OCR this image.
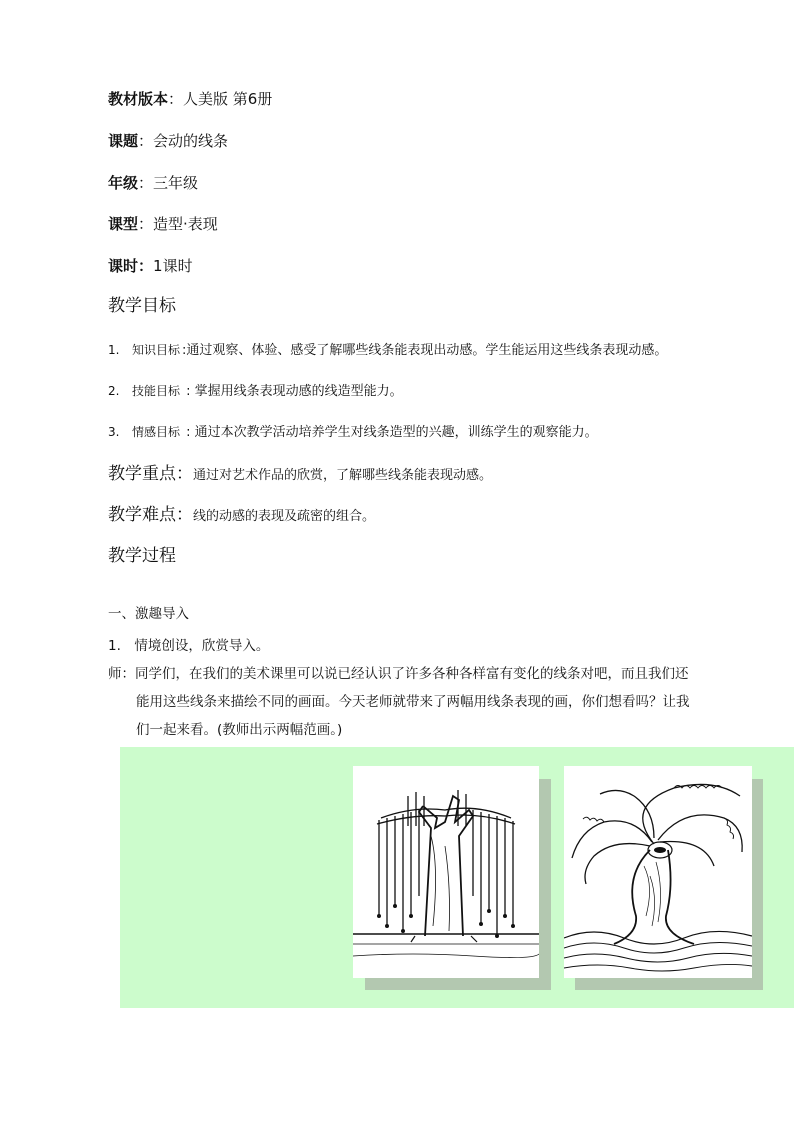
教材版本：人美版 第6册
课题：会动的线条
年级：三年级
课型：造型·表现
课时：1课时
教学目标
1. 知识目标 :通过观察、体验、感受了解哪些线条能表现出动感。学生能运用这些线条表现动感。
2. 技能目标 : 掌握用线条表现动感的线造型能力。
3. 情感目标 : 通过本次教学活动培养学生对线条造型的兴趣，训练学生的观察能力。
教学重点：通过对艺术作品的欣赏，了解哪些线条能表现动感。
教学难点：线的动感的表现及疏密的组合。
教学过程
一、激趣导入
1.　情境创设，欣赏导入。
师：同学们，在我们的美术课里可以说已经认识了许多各种各样富有变化的线条对吧，而且我们还
能用这些线条来描绘不同的画面。今天老师就带来了两幅用线条表现的画，你们想看吗？让我
们一起来看。(教师出示两幅范画。)
